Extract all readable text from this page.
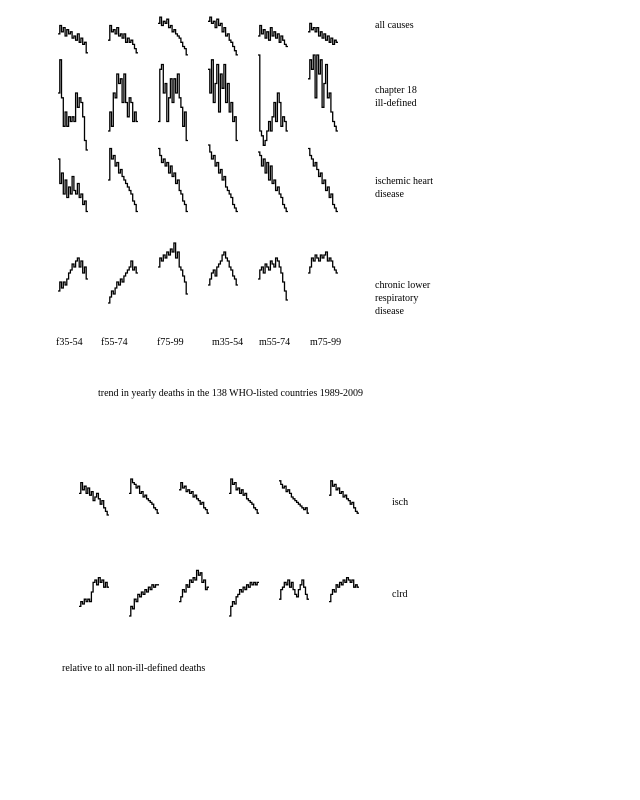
all causes
chapter 18 ill-defined
ischemic heart disease
chronic lower respiratory disease
f35-54 f55-74	f75-99	m35-54 m55-74 m75-99
trend in yearly deaths in the 138 WHO-listed countries 1989-2009
isch
clrd
relative to all non-ill-defined deaths
